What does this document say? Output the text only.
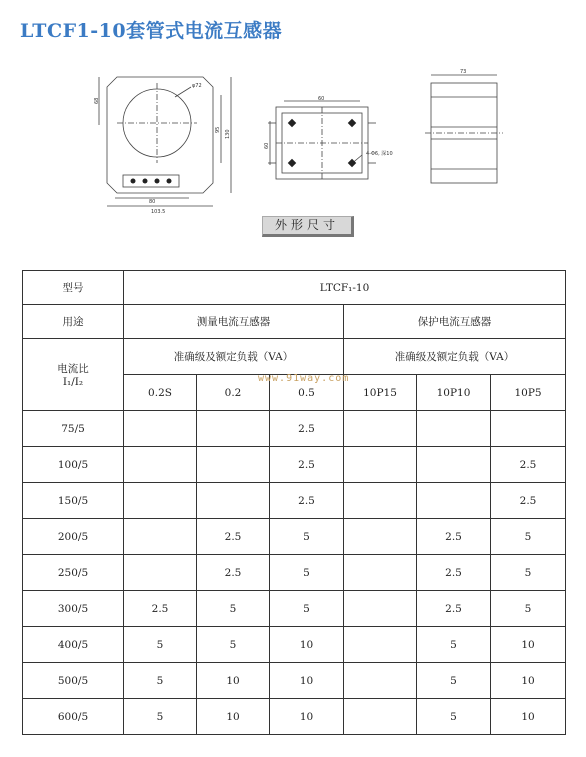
LTCF1-10套管式电流互感器
68
φ72
95 130
80
103.5
60
60
4-Φ6, 深10
73
外形尺寸
型号	LTCF₁-10					
用途	测量电流互感器			保护电流互感器		

电流比
I₁/I₂	准确级及额定负载（VA）			准确级及额定负载（VA）		
	0.2S	0.2	0.5	10P15	10P10	10P5
75/5			2.5			
100/5			2.5			2.5
150/5			2.5			2.5
200/5		2.5	5		2.5	5
250/5		2.5	5		2.5	5
300/5	2.5	5	5		2.5	5
400/5	5	5	10		5	10
500/5	5	10	10		5	10
600/5	5	10	10		5	10
www.91way.com
